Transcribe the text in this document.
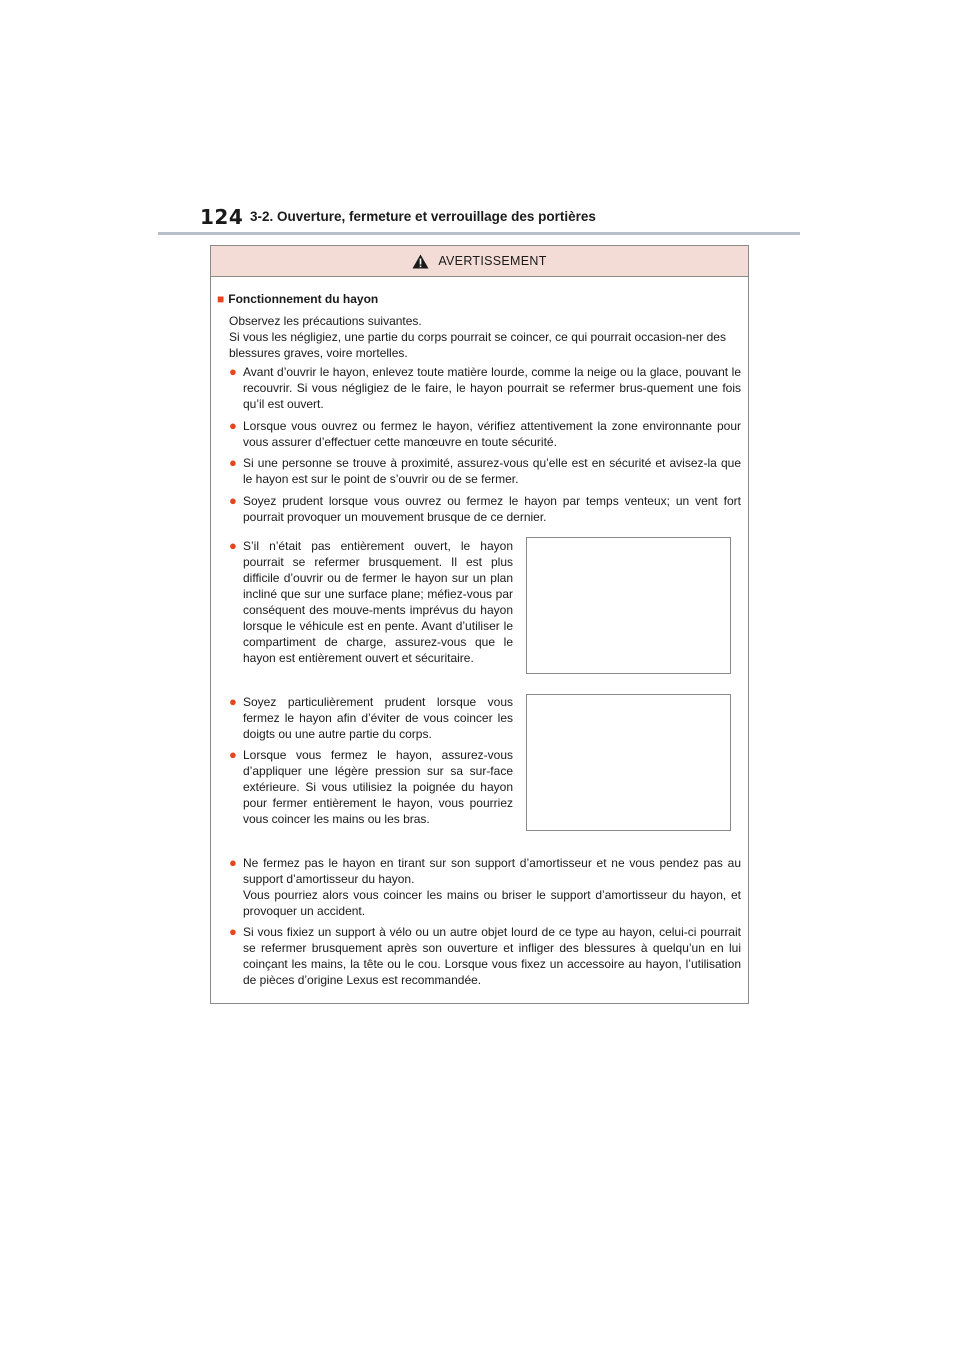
124 3-2. Ouverture, fermeture et verrouillage des portières
AVERTISSEMENT
■ Fonctionnement du hayon

Observez les précautions suivantes.

Si vous les négligiez, une partie du corps pourrait se coincer, ce qui pourrait occasion-ner des blessures graves, voire mortelles.

● Avant d’ouvrir le hayon, enlevez toute matière lourde, comme la neige ou la glace, pouvant le recouvrir. Si vous négligiez de le faire, le hayon pourrait se refermer brus-quement une fois qu’il est ouvert.

● Lorsque vous ouvrez ou fermez le hayon, vérifiez attentivement la zone environnante pour vous assurer d’effectuer cette manœuvre en toute sécurité.

● Si une personne se trouve à proximité, assurez-vous qu’elle est en sécurité et avisez-la que le hayon est sur le point de s’ouvrir ou de se fermer.

● Soyez prudent lorsque vous ouvrez ou fermez le hayon par temps venteux; un vent fort pourrait provoquer un mouvement brusque de ce dernier.

● S’il n’était pas entièrement ouvert, le hayon pourrait se refermer brusquement. Il est plus difficile d’ouvrir ou de fermer le hayon sur un plan incliné que sur une surface plane; méfiez-vous par conséquent des mouve-ments imprévus du hayon lorsque le véhicule est en pente. Avant d’utiliser le compartiment de charge, assurez-vous que le hayon est entièrement ouvert et sécuritaire.

● Soyez particulièrement prudent lorsque vous fermez le hayon afin d’éviter de vous coincer les doigts ou une autre partie du corps.

● Lorsque vous fermez le hayon, assurez-vous d’appliquer une légère pression sur sa sur-face extérieure. Si vous utilisiez la poignée du hayon pour fermer entièrement le hayon, vous pourriez vous coincer les mains ou les bras.

● Ne fermez pas le hayon en tirant sur son support d’amortisseur et ne vous pendez pas au support d’amortisseur du hayon.

Vous pourriez alors vous coincer les mains ou briser le support d’amortisseur du hayon, et provoquer un accident.

● Si vous fixiez un support à vélo ou un autre objet lourd de ce type au hayon, celui-ci pourrait se refermer brusquement après son ouverture et infliger des blessures à quelqu’un en lui coinçant les mains, la tête ou le cou. Lorsque vous fixez un accessoire au hayon, l’utilisation de pièces d’origine Lexus est recommandée.
